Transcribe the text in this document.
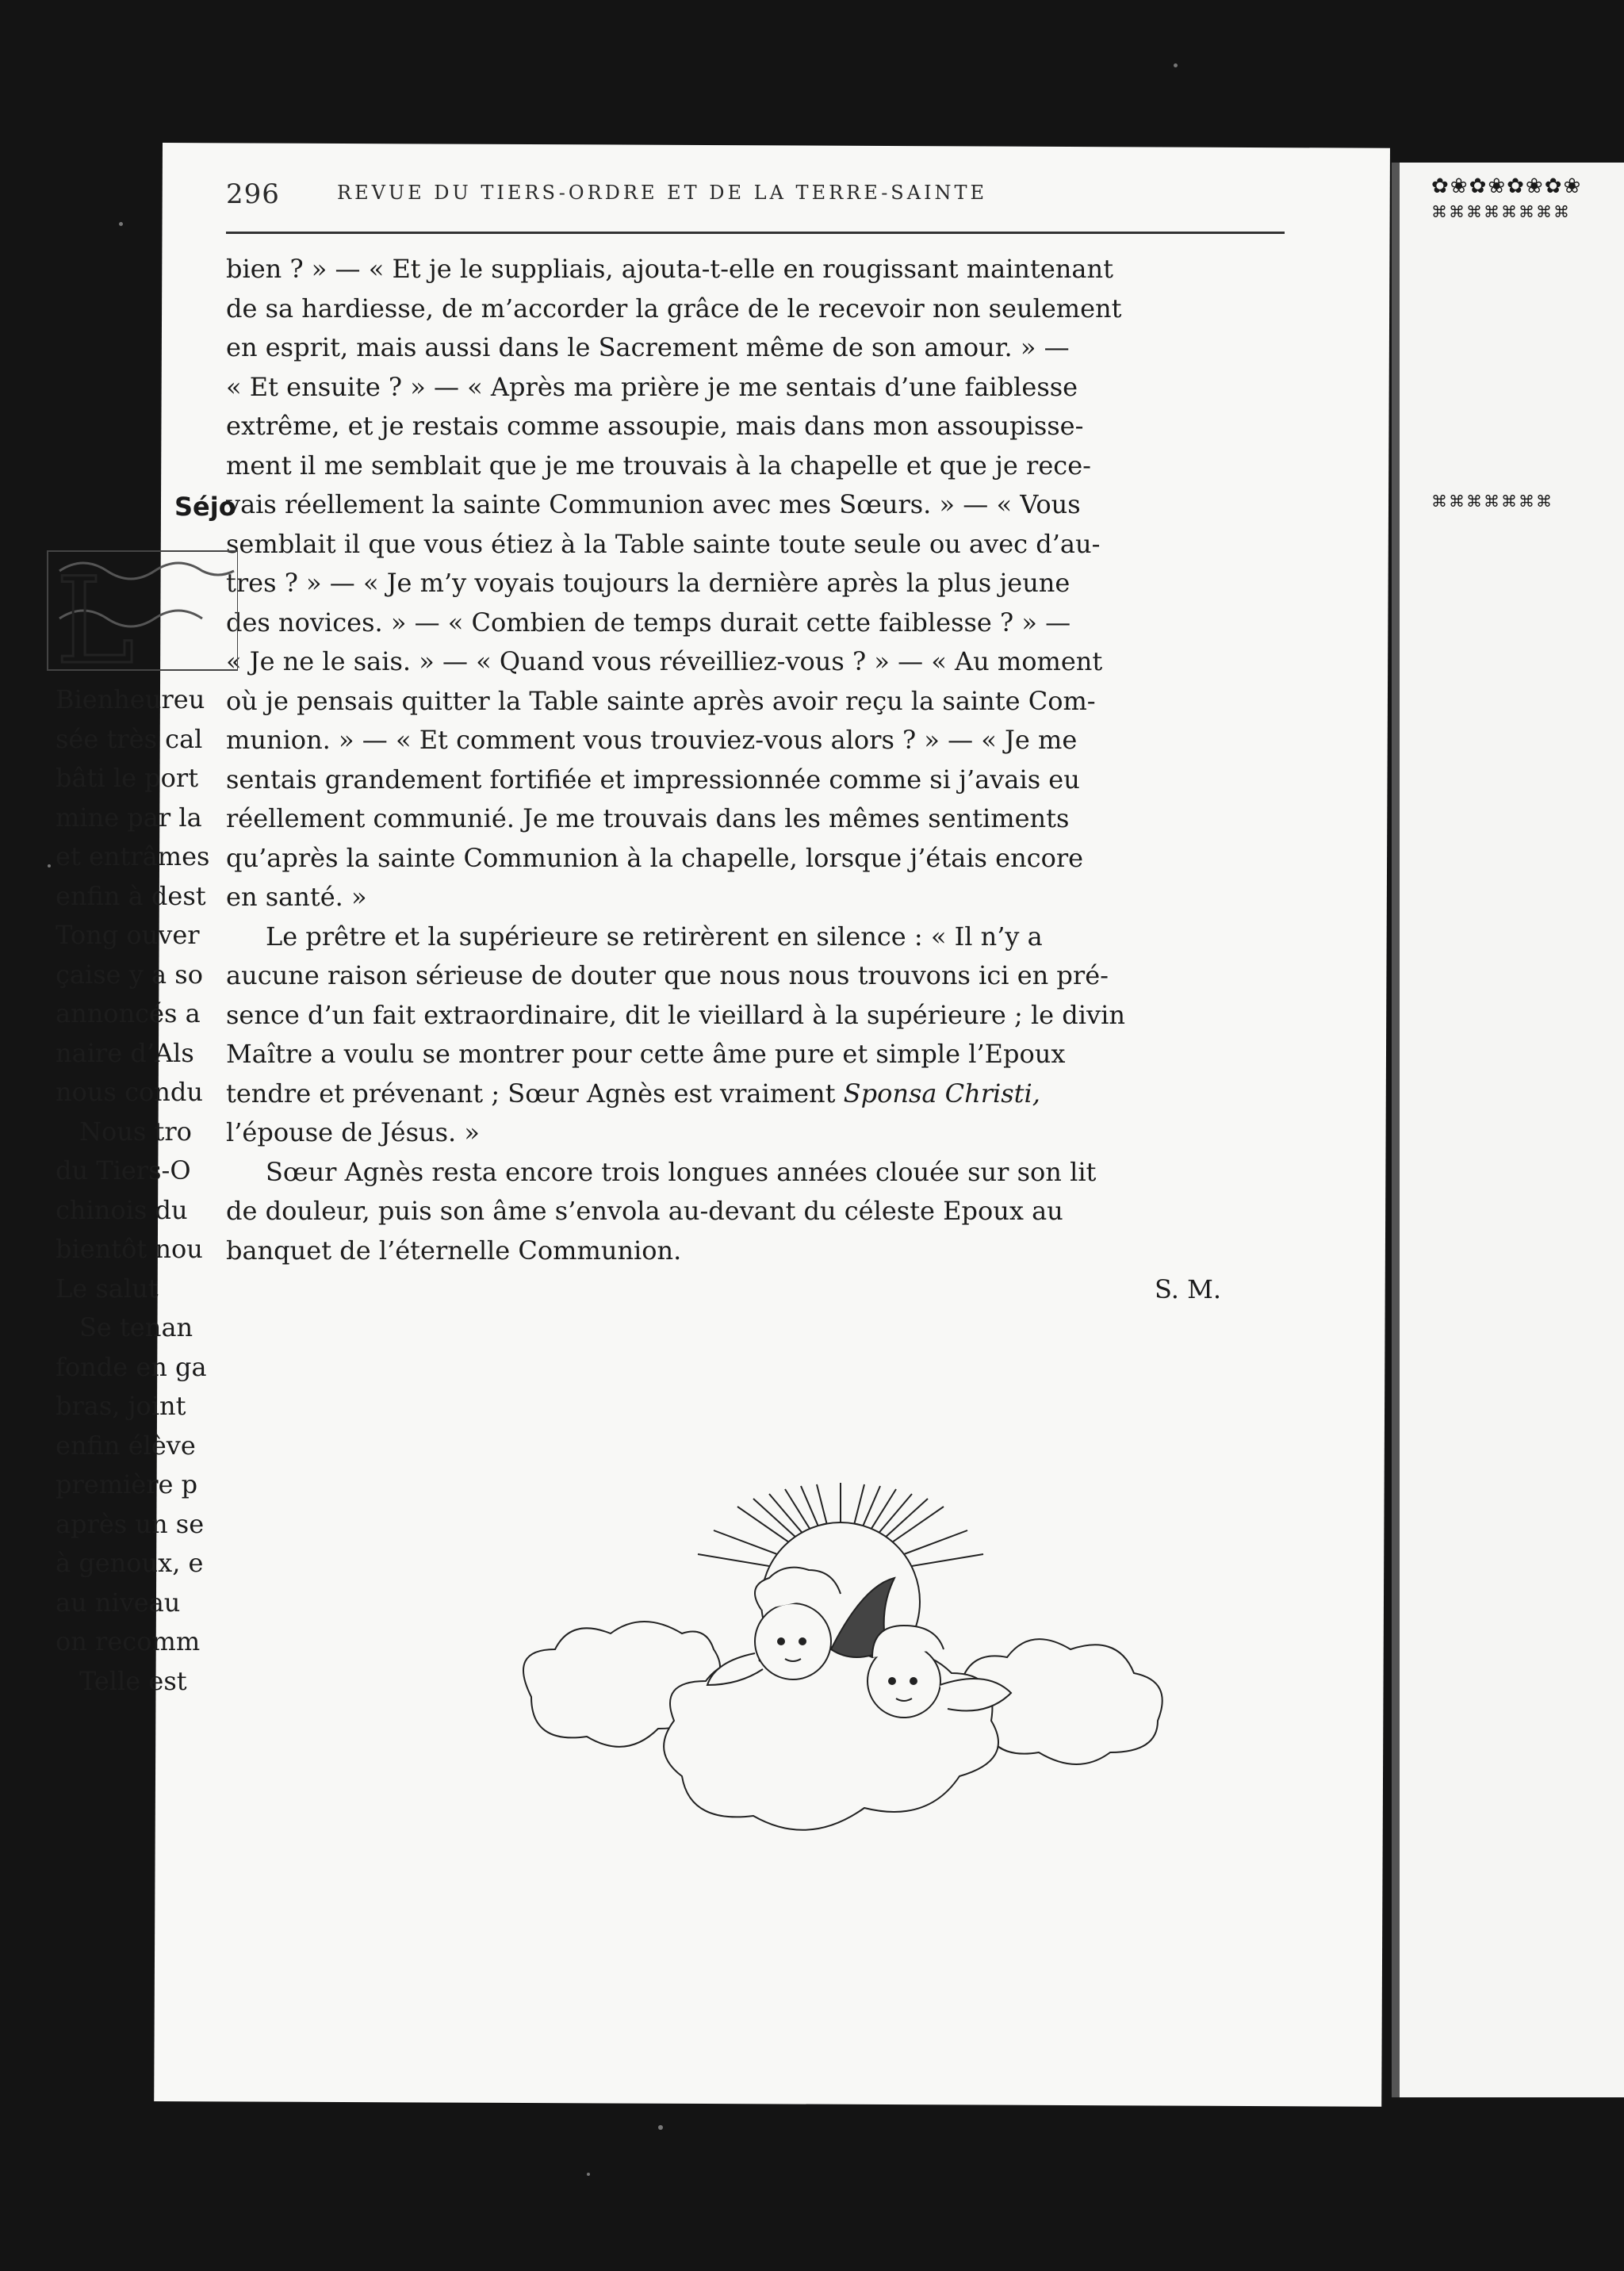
296	REVUE DU TIERS-ORDRE ET DE LA TERRE-SAINTE
bien ? » — « Et je le suppliais, ajouta-t-elle en rougissant maintenant
de sa hardiesse, de m’accorder la grâce de le recevoir non seulement
en esprit, mais aussi dans le Sacrement même de son amour. » —
« Et ensuite ? » — « Après ma prière je me sentais d’une faiblesse
extrême, et je restais comme assoupie, mais dans mon assoupisse-
ment il me semblait que je me trouvais à la chapelle et que je rece-
vais réellement la sainte Communion avec mes Sœurs. » — « Vous
semblait il que vous étiez à la Table sainte toute seule ou avec d’au-
tres ? » — « Je m’y voyais toujours la dernière après la plus jeune
des novices. » — « Combien de temps durait cette faiblesse ? » —
« Je ne le sais. » — « Quand vous réveilliez-vous ? » — « Au moment
où je pensais quitter la Table sainte après avoir reçu la sainte Com-
munion. » — « Et comment vous trouviez-vous alors ? » — « Je me
sentais grandement fortifiée et impressionnée comme si j’avais eu
réellement communié. Je me trouvais dans les mêmes sentiments
qu’après la sainte Communion à la chapelle, lorsque j’étais encore
en santé. »
Le prêtre et la supérieure se retirèrent en silence : « Il n’y a
aucune raison sérieuse de douter que nous nous trouvons ici en pré-
sence d’un fait extraordinaire, dit le vieillard à la supérieure ; le divin
Maître a voulu se montrer pour cette âme pure et simple l’Epoux
tendre et prévenant ; Sœur Agnès est vraiment Sponsa Christi,
l’épouse de Jésus. »
Sœur Agnès resta encore trois longues années clouée sur son lit
de douleur, puis son âme s’envola au-devant du céleste Epoux au
banquet de l’éternelle Communion.
S. M.
✿❀✿❀✿❀✿❀
⌘⌘⌘⌘⌘⌘⌘⌘
⌘⌘⌘⌘⌘⌘⌘
Séjo
L
Bienheureu
sée très cal
bâti le port
mine par la
et entrâmes
enfin à dest
Tong ouver
çaise y a so
annoncés a
naire d’Als
nous condu
Nous tro
du Tiers-O
chinois du
bientôt nou
Le salut
Se tenan
fonde en ga
bras, joint
enfin élève
première p
après un se
à genoux, e
au niveau
on recomm
Telle est
